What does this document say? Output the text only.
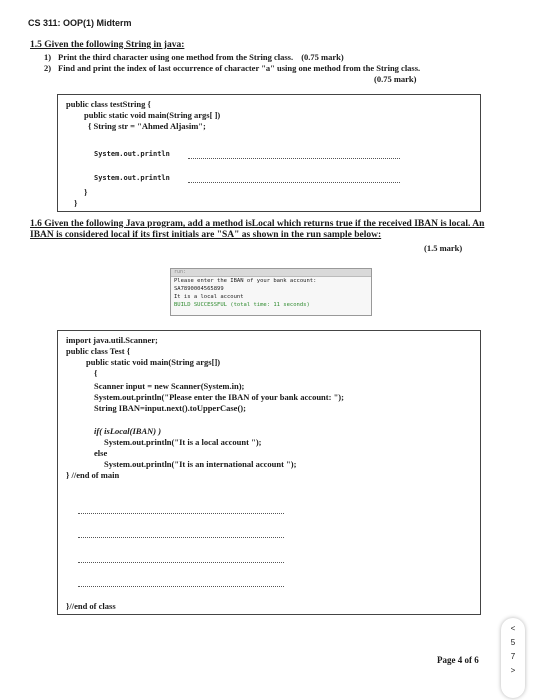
CS 311: OOP(1) Midterm
1.5 Given the following String in java:
1) Print the third character using one method from the String class. (0.75 mark)
2) Find and print the index of last occurrence of character "a" using one method from the String class.
(0.75 mark)
public class testString {
public static void main(String args[ ])
{ String str = "Ahmed Aljasim";
System.out.println
System.out.println
}
}
1.6 Given the following Java program, add a method isLocal which returns true if the received IBAN is local. An IBAN is considered local if its first initials are "SA" as shown in the run sample below:
(1.5 mark)
run:
Please enter the IBAN of your bank account:
SA7890004565899
It is a local account
BUILD SUCCESSFUL (total time: 11 seconds)
import java.util.Scanner;
public class Test {
public static void main(String args[])
{
Scanner input = new Scanner(System.in);
System.out.println("Please enter the IBAN of your bank account: ");
String IBAN=input.next().toUpperCase();
if( isLocal(IBAN) )
System.out.println("It is a local account ");
else
System.out.println("It is an international account ");
} //end of main
}//end of class
Page 4 of 6
<
5
7
>
